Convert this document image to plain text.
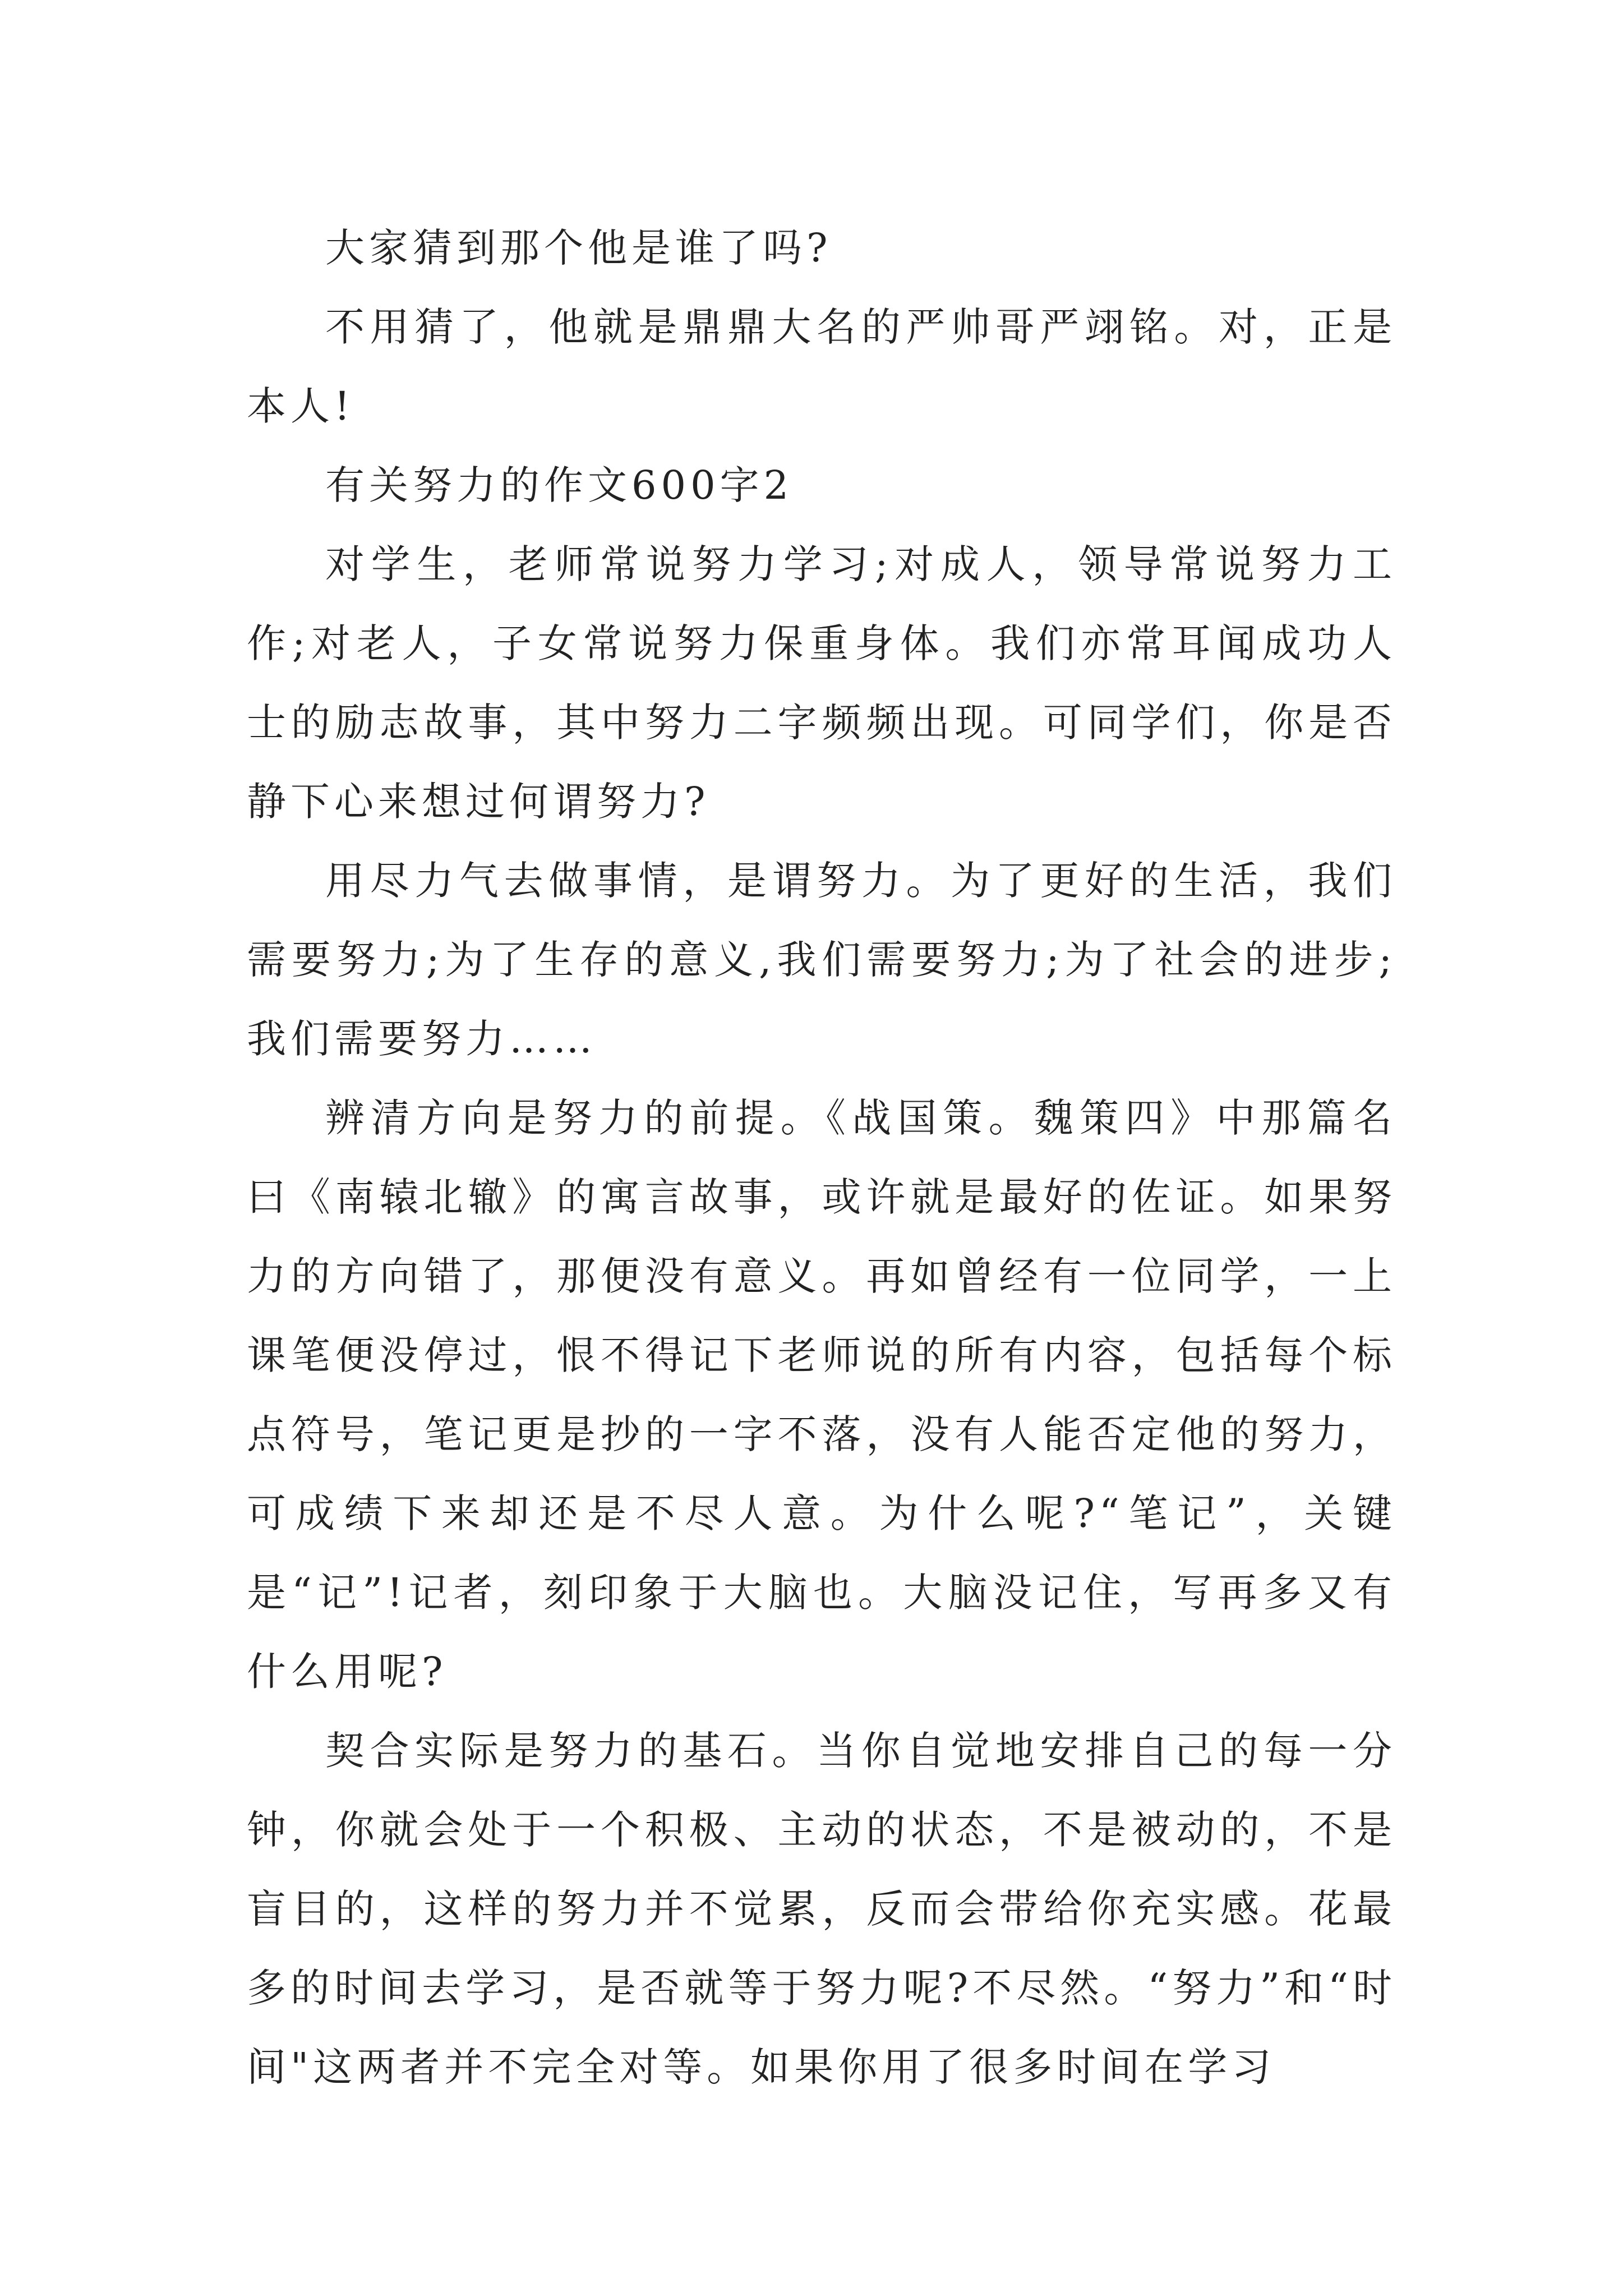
大家猜到那个他是谁了吗?

不用猜了，他就是鼎鼎大名的严帅哥严翊铭。对，正是本人!

有关努力的作文600字2

对学生，老师常说努力学习;对成人，领导常说努力工作;对老人，子女常说努力保重身体。我们亦常耳闻成功人士的励志故事，其中努力二字频频出现。可同学们，你是否静下心来想过何谓努力?

用尽力气去做事情，是谓努力。为了更好的生活，我们需要努力;为了生存的意义,我们需要努力;为了社会的进步;我们需要努力……

辨清方向是努力的前提。《战国策。魏策四》中那篇名曰《南辕北辙》的寓言故事，或许就是最好的佐证。如果努力的方向错了，那便没有意义。再如曾经有一位同学，一上课笔便没停过，恨不得记下老师说的所有内容，包括每个标点符号，笔记更是抄的一字不落，没有人能否定他的努力，可成绩下来却还是不尽人意。为什么呢?“笔记”，关键是“记”!记者，刻印象于大脑也。大脑没记住，写再多又有什么用呢?

契合实际是努力的基石。当你自觉地安排自己的每一分钟，你就会处于一个积极、主动的状态，不是被动的，不是盲目的，这样的努力并不觉累，反而会带给你充实感。花最多的时间去学习，是否就等于努力呢?不尽然。“努力”和“时间"这两者并不完全对等。如果你用了很多时间在学习
